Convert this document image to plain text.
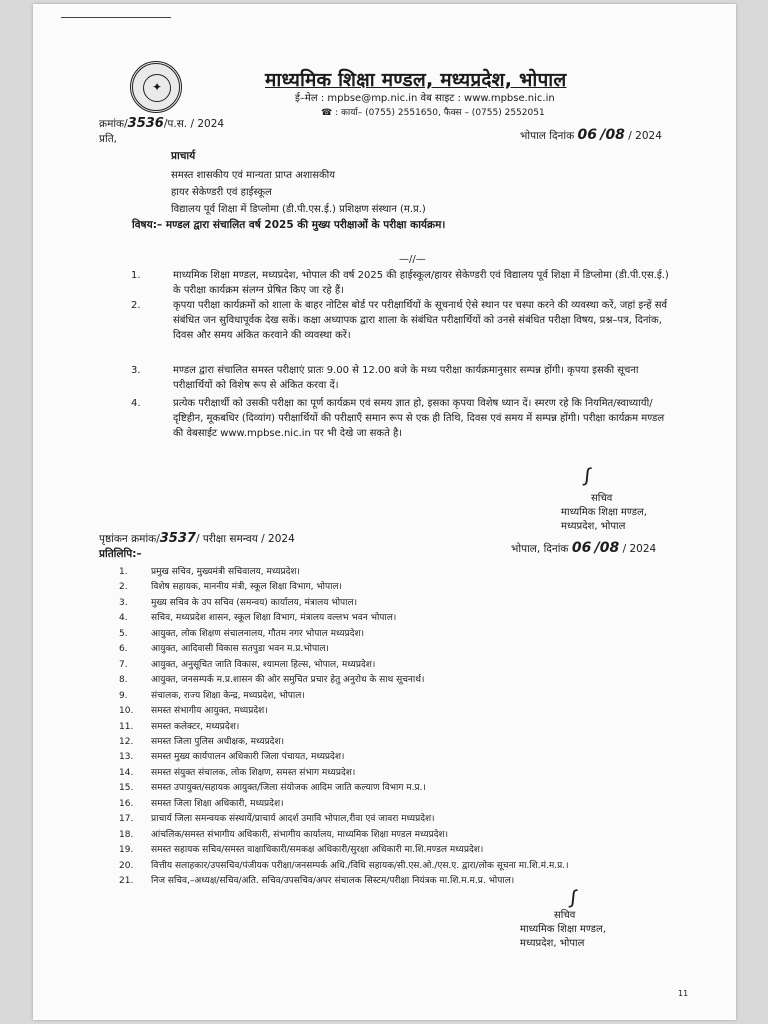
✦	माध्यमिक शिक्षा मण्डल, मध्यप्रदेश, भोपाल
ई–मेल : mpbse@mp.nic.in वेब साइट : www.mpbse.nic.in
☎ : कार्या– (0755) 2551650, फैक्स – (0755) 2552051
क्रमांक/3536/प.स. / 2024
प्रति,	भोपाल दिनांक 06 /08 / 2024
प्राचार्य
समस्त शासकीय एवं मान्यता प्राप्त अशासकीय
हायर सेकेण्डरी एवं हाईस्कूल
विद्यालय पूर्व शिक्षा में डिप्लोमा (डी.पी.एस.ई.) प्रशिक्षण संस्थान (म.प्र.)
विषय:– मण्डल द्वारा संचालित वर्ष 2025 की मुख्य परीक्षाओं के परीक्षा कार्यक्रम।
—//—
1.	माध्यमिक शिक्षा मण्डल, मध्यप्रदेश, भोपाल की वर्ष 2025 की हाईस्कूल/हायर सेकेण्डरी एवं विद्यालय पूर्व शिक्षा में डिप्लोमा (डी.पी.एस.ई.) के परीक्षा कार्यक्रम संलग्न प्रेषित किए जा रहे हैं।
2.	कृपया परीक्षा कार्यक्रमों को शाला के बाहर नोटिस बोर्ड पर परीक्षार्थियों के सूचनार्थ ऐसे स्थान पर चस्पा करने की व्यवस्था करें, जहां इन्हें सर्व संबंधित जन सुविधापूर्वक देख सकें। कक्षा अध्यापक द्वारा शाला के संबंधित परीक्षार्थियों को उनसे संबंधित परीक्षा विषय, प्रश्न–पत्र, दिनांक, दिवस और समय अंकित करवाने की व्यवस्था करें।
3.	मण्डल द्वारा संचालित समस्त परीक्षाएं प्रातः 9.00 से 12.00 बजे के मध्य परीक्षा कार्यक्रमानुसार सम्पन्न होंगी। कृपया इसकी सूचना परीक्षार्थियों को विशेष रूप से अंकित करवा दें।
4.	प्रत्येक परीक्षार्थी को उसकी परीक्षा का पूर्ण कार्यक्रम एवं समय ज्ञात हो, इसका कृपया विशेष ध्यान दें। स्मरण रहे कि नियमित/स्वाध्यायी/दृष्टिहीन, मूकबधिर (दिव्यांग) परीक्षार्थियों की परीक्षाएँ समान रूप से एक ही तिथि, दिवस एवं समय में सम्पन्न होंगी। परीक्षा कार्यक्रम मण्डल की वेबसाईट www.mpbse.nic.in पर भी देखे जा सकते है।
ꭍ
सचिव
माध्यमिक शिक्षा मण्डल,
मध्यप्रदेश, भोपाल
पृष्ठांकन क्रमांक/3537/ परीक्षा समन्वय / 2024
भोपाल, दिनांक 06 /08 / 2024
प्रतिलिपि:–
1.	प्रमुख सचिव, मुख्यमंत्री सचिवालय, मध्यप्रदेश।
2.	विशेष सहायक, माननीय मंत्री, स्कूल शिक्षा विभाग, भोपाल।
3.	मुख्य सचिव के उप सचिव (समन्वय) कार्यालय, मंत्रालय भोपाल।
4.	सचिव, मध्यप्रदेश शासन, स्कूल शिक्षा विभाग, मंत्रालय वल्लभ भवन भोपाल।
5.	आयुक्त, लोक शिक्षण संचालनालय, गौतम नगर भोपाल मध्यप्रदेश।
6.	आयुक्त, आदिवासी विकास सतपुडा भवन म.प्र.भोपाल।
7.	आयुक्त, अनुसूचित जाति विकास, श्यामला हिल्स, भोपाल, मध्यप्रदेश।
8.	आयुक्त, जनसम्पर्क म.प्र.शासन की ओर समुचित प्रचार हेतु अनुरोध के साथ सूचनार्थ।
9.	संचालक, राज्य शिक्षा केन्द्र, मध्यप्रदेश, भोपाल।
10. समस्त संभागीय आयुक्त, मध्यप्रदेश।
11. समस्त कलेक्टर, मध्यप्रदेश।
12. समस्त जिला पुलिस अधीक्षक, मध्यप्रदेश।
13. समस्त मुख्य कार्यपालन अधिकारी जिला पंचायत, मध्यप्रदेश।
14. समस्त संयुक्त संचालक, लोक शिक्षण, समस्त संभाग मध्यप्रदेश।
15. समस्त उपायुक्त/सहायक आयुक्त/जिला संयोजक आदिम जाति कल्याण विभाग म.प्र.।
16. समस्त जिला शिक्षा अधिकारी, मध्यप्रदेश।
17. प्राचार्य जिला समन्वयक संस्थायें/प्राचार्य आदर्श उमावि भोपाल,रीवा एवं जावरा मध्यप्रदेश।
18. आंचलिक/समस्त संभागीय अधिकारी, संभागीय कार्यालय, माध्यमिक शिक्षा मण्डल मध्यप्रदेश।
19. समस्त सहायक सचिव/समस्त वाक्षाधिकारी/समकक्ष अधिकारी/सुरक्षा अधिकारी मा.शि.मण्डल मध्यप्रदेश।
20. वित्तीय सलाहकार/उपसचिव/पंजीयक परीक्षा/जनसम्पर्क अधि./विधि सहायक/सी.एस.ओ./एस.ए. द्वारा/लोक सूचना मा.शि.मं.म.प्र.।
21. निज सचिव,–अध्यक्ष/सचिव/अति. सचिव/उपसचिव/अपर संचालक सिस्टम/परीक्षा नियंत्रक मा.शि.म.म.प्र. भोपाल।
ꭍ
सचिव
माध्यमिक शिक्षा मण्डल,
मध्यप्रदेश, भोपाल
11
